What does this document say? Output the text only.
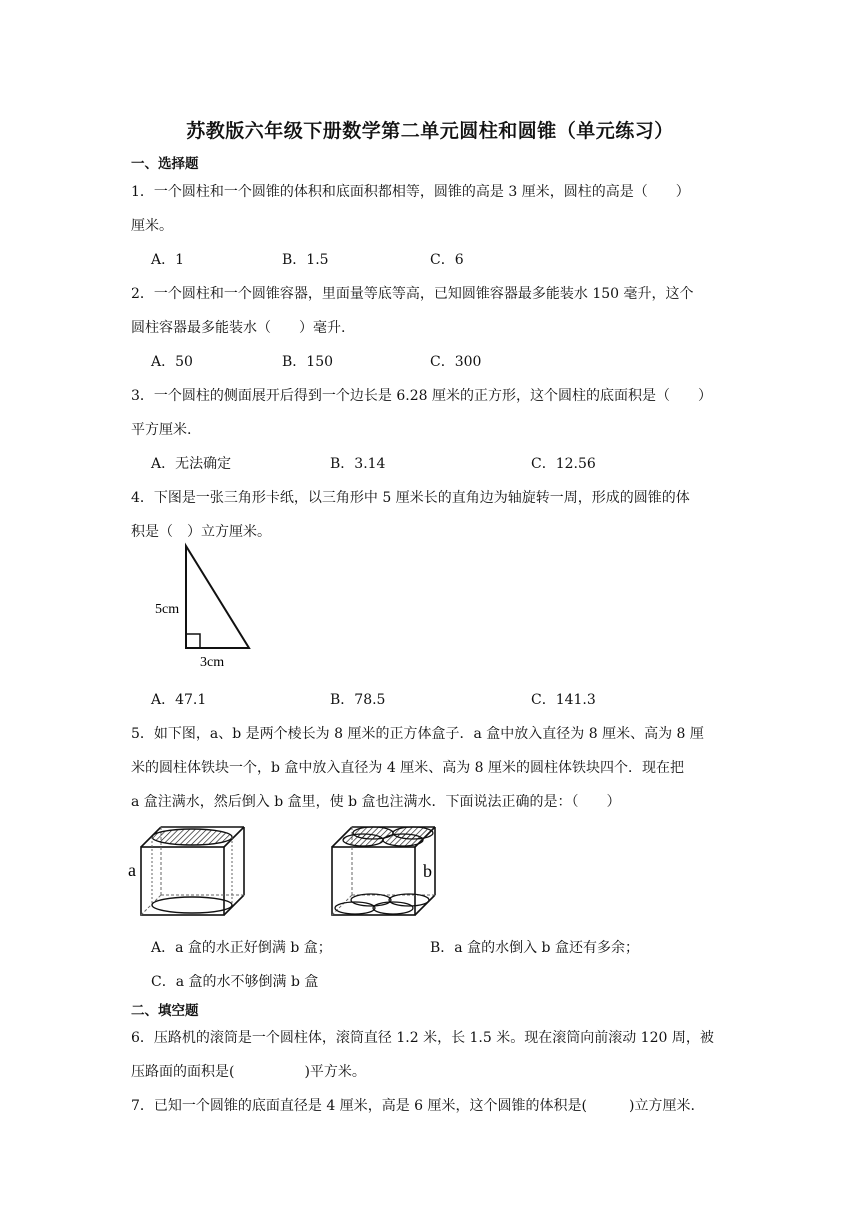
苏教版六年级下册数学第二单元圆柱和圆锥（单元练习）
一、选择题
1．一个圆柱和一个圆锥的体积和底面积都相等，圆锥的高是 3 厘米，圆柱的高是（　　）
厘米。
A．1	B．1.5	C．6
2．一个圆柱和一个圆锥容器，里面量等底等高，已知圆锥容器最多能装水 150 毫升，这个
圆柱容器最多能装水（　　）毫升.
A．50	B．150	C．300
3．一个圆柱的侧面展开后得到一个边长是 6.28 厘米的正方形，这个圆柱的底面积是（　　）
平方厘米.
A．无法确定	B．3.14	C．12.56
4．下图是一张三角形卡纸，以三角形中 5 厘米长的直角边为轴旋转一周，形成的圆锥的体
积是（　）立方厘米。
5cm
3cm
A．47.1	B．78.5	C．141.3
5．如下图，a、b 是两个棱长为 8 厘米的正方体盒子．a 盒中放入直径为 8 厘米、高为 8 厘
米的圆柱体铁块一个，b 盒中放入直径为 4 厘米、高为 8 厘米的圆柱体铁块四个．现在把
a 盒注满水，然后倒入 b 盒里，使 b 盒也注满水．下面说法正确的是：（　　）
a	b
A．a 盒的水正好倒满 b 盒；	B．a 盒的水倒入 b 盒还有多余；
C．a 盒的水不够倒满 b 盒
二、填空题
6．压路机的滚筒是一个圆柱体，滚筒直径 1.2 米，长 1.5 米。现在滚筒向前滚动 120 周，被
压路面的面积是(　　　　　)平方米。
7．已知一个圆锥的底面直径是 4 厘米，高是 6 厘米，这个圆锥的体积是(　　　)立方厘米.
